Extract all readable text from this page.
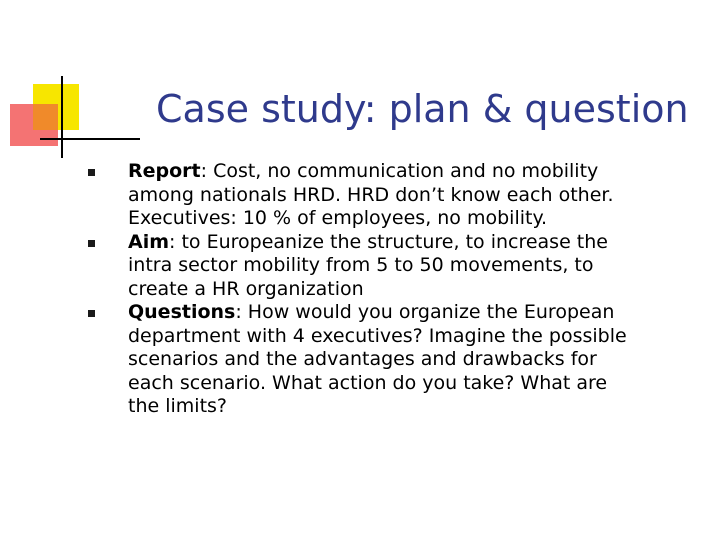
Case study: plan & question
Report: Cost, no communication and no mobility
among nationals HRD. HRD don’t know each other.
Executives: 10 % of employees, no mobility.
Aim: to Europeanize the structure, to increase the
intra sector mobility from 5 to 50 movements, to
create a HR organization
Questions: How would you organize the European
department with 4 executives? Imagine the possible
scenarios and the advantages and drawbacks for
each scenario. What action do you take? What are
the limits?
